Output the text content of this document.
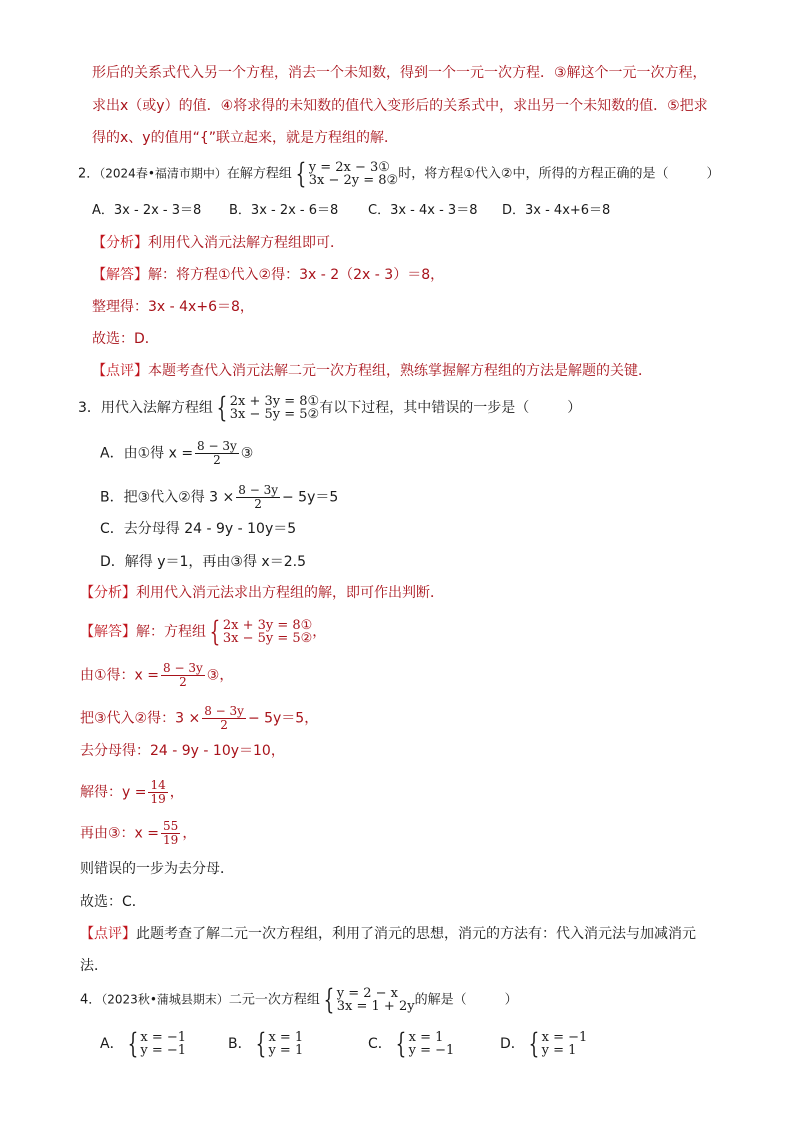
形后的关系式代入另一个方程，消去一个未知数，得到一个一元一次方程．③解这个一元一次方程，
求出x（或y）的值．④将求得的未知数的值代入变形后的关系式中，求出另一个未知数的值．⑤把求
得的x、y的值用“{”联立起来，就是方程组的解．
2．（2024春•福清市期中）在解方程组 { y = 2x − 3①
3x − 2y = 8② 时，将方程①代入②中，所得的方程正确的是（	）
A．3x - 2x - 3＝8 B．3x - 2x - 6＝8 C．3x - 4x - 3＝8 D．3x - 4x+6＝8
【分析】利用代入消元法解方程组即可．
【解答】解：将方程①代入②得：3x - 2（2x - 3）＝8，
整理得：3x - 4x+6＝8，
故选：D．
【点评】本题考查代入消元法解二元一次方程组，熟练掌握解方程组的方法是解题的关键．
3．用代入法解方程组 { 2x + 3y = 8①
3x − 5y = 5② 有以下过程，其中错误的一步是（	）
A．由①得 $x = \frac{8 - 3y}{2}$ ③
B．把③代入②得 $3 \times \frac{8 - 3y}{2} - 5y=5$
C．去分母得 24 - 9y - 10y＝5
D．解得 y＝1，再由③得 x＝2.5
【分析】利用代入消元法求出方程组的解，即可作出判断．
【解答】解：方程组 { 2x + 3y = 8①
3x − 5y = 5② ，
由①得：$x = \frac{8 - 3y}{2}$ ③，
把③代入②得：$3 \times \frac{8 - 3y}{2} - 5y=5$，
去分母得：24 - 9y - 10y＝10，
解得：$y = \frac{14}{19}$ ，
再由③：$x = \frac{55}{19}$ ，
则错误的一步为去分母．
故选：C．
【点评】此题考查了解二元一次方程组，利用了消元的思想，消元的方法有：代入消元法与加减消元
法．
4．（2023秋•蒲城县期末）二元一次方程组 { y = 2 − x
3x = 1 + 2y 的解是（	）
A． { x = −1
y = −1	B． { x = 1
y = 1	C． { x = 1
y = −1	D． { x = −1
y = 1
